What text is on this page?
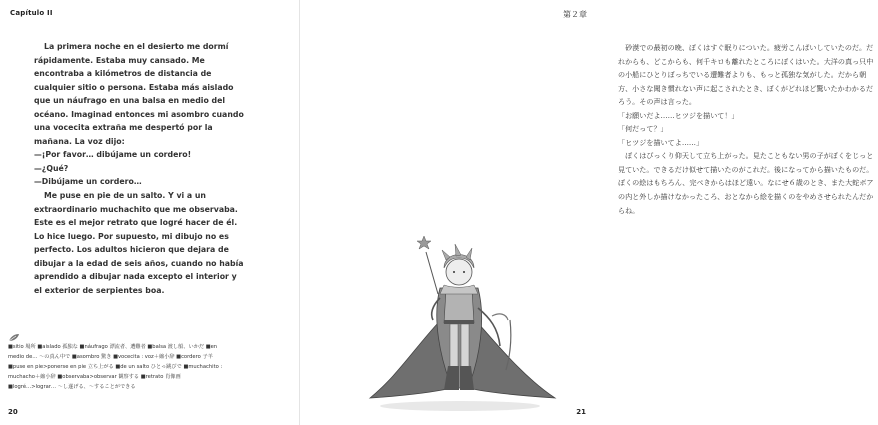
Capítulo II

La primera noche en el desierto me dormí rápidamente. Estaba muy cansado. Me encontraba a kilómetros de distancia de cualquier sitio o persona. Estaba más aislado que un náufrago en una balsa en medio del océano. Imaginad entonces mi asombro cuando una vocecita extraña me despertó por la mañana. La voz dijo:

—¡Por favor… dibújame un cordero!

—¿Qué?

—Dibújame un cordero…

Me puse en pie de un salto. Y vi a un extraordinario muchachito que me observaba. Este es el mejor retrato que logré hacer de él. Lo hice luego. Por supuesto, mi dibujo no es perfecto. Los adultos hicieron que dejara de dibujar a la edad de seis años, cuando no había aprendido a dibujar nada excepto el interior y el exterior de serpientes boa.

■sitio 場所 ■aislado 孤独な ■náufrago 漂流者、遭難者 ■balsa 渡し船、いかだ ■en
medio de… ～の真ん中で ■asombro 驚き ■vocecita : voz＋縮小辞 ■cordero 子羊
■puse en pie>ponerse en pie 立ち上がる ■de un salto ひとっ跳びで ■muchachito :
muchacho＋縮小辞 ■observaba>observar 観察する ■retrato 肖像画
■logré…>lograr… ～し遂げる、～することができる
20
第２章

　砂漠での最初の晩、ぼくはすぐ眠りについた。疲労こんぱいしていたのだ。だれからも、どこからも、何千キロも離れたところにぼくはいた。大洋の真っ只中の小船にひとりぼっちでいる遭難者よりも、もっと孤独な気がした。だから朝方、小さな聞き慣れない声に起こされたとき、ぼくがどれほど驚いたかわかるだろう。その声は言った。

「お願いだよ……ヒツジを描いて！」

「何だって？」

「ヒツジを描いてよ……」

　ぼくはびっくり仰天して立ち上がった。見たこともない男の子がぼくをじっと見ていた。できるだけ似せて描いたのがこれだ。後になってから描いたものだ。ぼくの絵はもちろん、完ぺきからはほど遠い。なにせ６歳のとき、また大蛇ボアの内と外しか描けなかったころ、おとなから絵を描くのをやめさせられたんだからね。

21
